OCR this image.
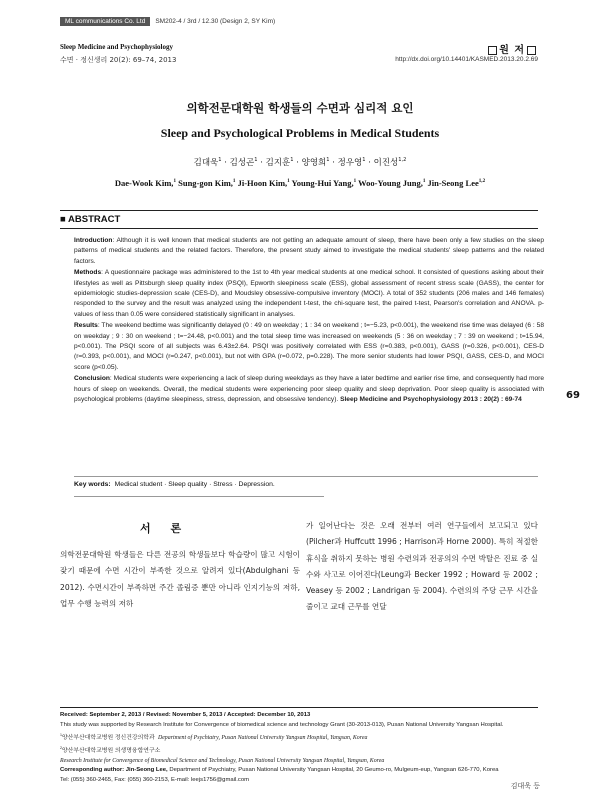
ML communications Co. Ltd	SM202-4 / 3rd / 12.30 (Design 2, SY Kim)
Sleep Medicine and Psychophysiology
수면 · 정신생리 20(2): 69–74, 2013
원 저
http://dx.doi.org/10.14401/KASMED.2013.20.2.69
의학전문대학원 학생들의 수면과 심리적 요인
Sleep and Psychological Problems in Medical Students
김대욱$^1$ · 김성곤$^1$ · 김지훈$^1$ · 양영희$^1$ · 정우영$^1$ · 이진성$^{1,2}$
Dae-Wook Kim,$^1$ Sung-gon Kim,$^1$ Ji-Hoon Kim,$^1$ Young-Hui Yang,$^1$ Woo-Young Jung,$^1$ Jin-Seong Lee$^{1,2}$
■ ABSTRACT

Introduction: Although it is well known that medical students are not getting an adequate amount of sleep, there have been only a few studies on the sleep patterns of medical students and the related factors. Therefore, the present study aimed to investigate the medical students' sleep patterns and the related factors.

Methods: A questionnaire package was administered to the 1st to 4th year medical students at one medical school. It consisted of questions asking about their lifestyles as well as Pittsburgh sleep quality index (PSQI), Epworth sleepiness scale (ESS), global assessment of recent stress scale (GASS), the center for epidemiologic studies-depression scale (CES-D), and Moudsley obsessive-compulsive inventory (MOCI). A total of 352 students (206 males and 146 females) responded to the survey and the result was analyzed using the independent t-test, the chi-square test, the paired t-test, Pearson's correlation and ANOVA. p-values of less than 0.05 were considered statistically significant in analyses.

Results: The weekend bedtime was significantly delayed (0 : 49 on weekday ; 1 : 34 on weekend ; t=−5.23, p<0.001), the weekend rise time was delayed (6 : 58 on weekday ; 9 : 30 on weekend ; t=−24.48, p<0.001) and the total sleep time was increased on weekends (5 : 36 on weekday ; 7 : 39 on weekend ; t=15.94, p<0.001). The PSQI score of all subjects was 6.43±2.64. PSQI was positively correlated with ESS (r=0.383, p<0.001), GASS (r=0.326, p<0.001), CES-D (r=0.393, p<0.001), and MOCI (r=0.247, p<0.001), but not with GPA (r=0.072, p=0.228). The more senior students had lower PSQI, GASS, CES-D, and MOCI score (p<0.05).

Conclusion: Medical students were experiencing a lack of sleep during weekdays as they have a later bedtime and earlier rise time, and consequently had more hours of sleep on weekends. Overall, the medical students were experiencing poor sleep quality and sleep deprivation. Poor sleep quality is associated with psychological problems (daytime sleepiness, stress, depression, and obsessive tendency). Sleep Medicine and Psychophysiology 2013 : 20(2) : 69-74

Key words: Medical student · Sleep quality · Stress · Depression.
69
서 론
의학전문대학원 학생들은 다른 전공의 학생들보다 학습량이 많고 시험이 잦기 때문에 수면 시간이 부족한 것으로 알려져 있다(Abdulghani 등 2012). 수면시간이 부족하면 주간 졸림증 뿐만 아니라 인지기능의 저하, 업무 수행 능력의 저하
가 일어난다는 것은 오래 전부터 여러 연구들에서 보고되고 있다(Pilcher과 Huffcutt 1996 ; Harrison과 Horne 2000). 특히 적절한 휴식을 취하지 못하는 병원 수련의과 전공의의 수면 박탈은 진료 중 실수와 사고로 이어진다(Leung과 Becker 1992 ; Howard 등 2002 ; Veasey 등 2002 ; Landrigan 등 2004). 수련의의 주당 근무 시간을 줄이고 교대 근무를 연달
Received: September 2, 2013 / Revised: November 5, 2013 / Accepted: December 10, 2013
This study was supported by Research Institute for Convergence of biomedical science and technology Grant (30-2013-013), Pusan National University Yangsan Hospital.
$^1$양산부산대학교병원 정신건강의학과 Department of Psychiatry, Pusan National University Yangsan Hospital, Yangsan, Korea
$^2$양산부산대학교병원 의생명융합연구소
Research Institute for Convergence of Biomedical Science and Technology, Pusan National University Yangsan Hospital, Yangsan, Korea
Corresponding author: Jin-Seong Lee, Department of Psychiatry, Pusan National University Yangsan Hospital, 20 Geumo-ro, Mulgeum-eup, Yangsan 626-770, Korea
Tel: (055) 360-2465, Fax: (055) 360-2153, E-mail: leejs1756@gmail.com
김대욱 등
